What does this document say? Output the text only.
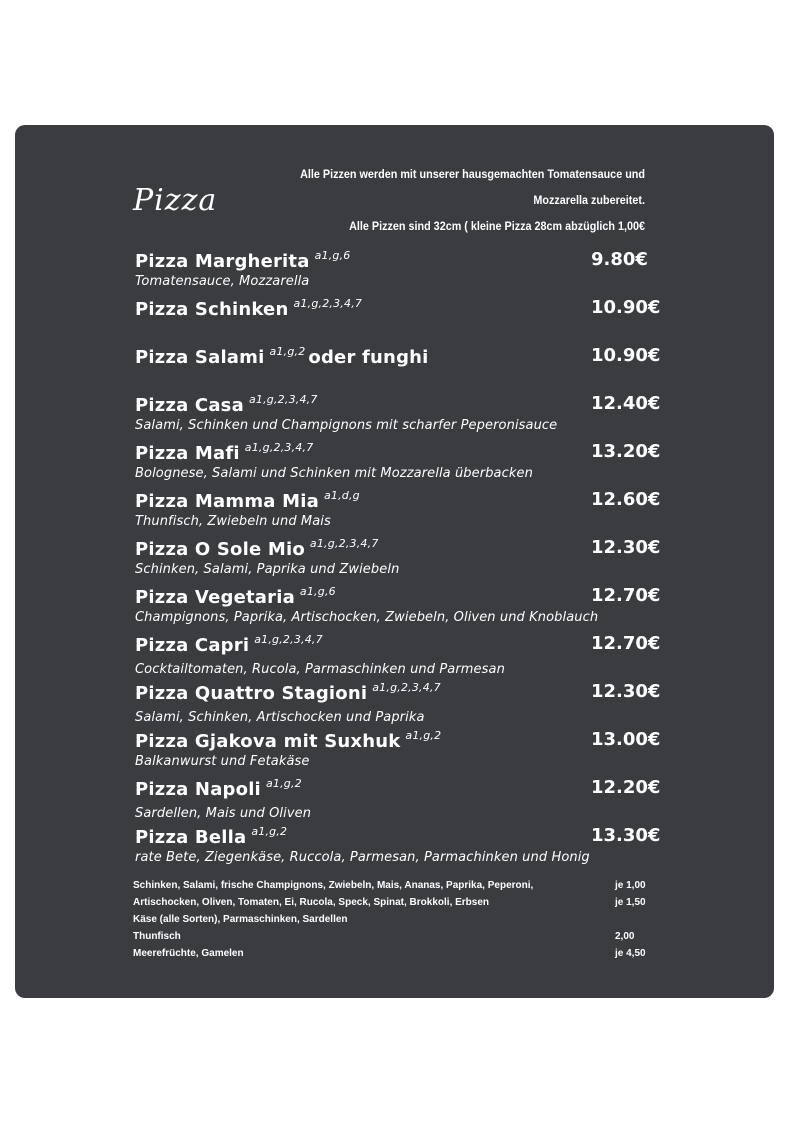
Pizza
Alle Pizzen werden mit unserer hausgemachten Tomatensauce und
Mozzarella zubereitet.
Alle Pizzen sind 32cm ( kleine Pizza 28cm abzüglich 1,00€
Pizza Margherita $^{a1,g,6}$	9.80€
Tomatensauce, Mozzarella
Pizza Schinken $^{a1,g,2,3,4,7}$	10.90€
Pizza Salami $^{a1,g,2}$ oder funghi	10.90€
Pizza Casa $^{a1,g,2,3,4,7}$	12.40€
Salami, Schinken und Champignons mit scharfer Peperonisauce
Pizza Mafi $^{a1,g,2,3,4,7}$	13.20€
Bolognese, Salami und Schinken mit Mozzarella überbacken
Pizza Mamma Mia $^{a1,d,g}$	12.60€
Thunfisch, Zwiebeln und Mais
Pizza O Sole Mio $^{a1,g,2,3,4,7}$	12.30€
Schinken, Salami, Paprika und Zwiebeln
Pizza Vegetaria $^{a1,g,6}$	12.70€
Champignons, Paprika, Artischocken, Zwiebeln, Oliven und Knoblauch
Pizza Capri $^{a1,g,2,3,4,7}$	12.70€
Cocktailtomaten, Rucola, Parmaschinken und Parmesan
Pizza Quattro Stagioni $^{a1,g,2,3,4,7}$	12.30€
Salami, Schinken, Artischocken und Paprika
Pizza Gjakova mit Suxhuk $^{a1,g,2}$	13.00€
Balkanwurst und Fetakäse
Pizza Napoli $^{a1,g,2}$	12.20€
Sardellen, Mais und Oliven
Pizza Bella $^{a1,g,2}$	13.30€
rate Bete, Ziegenkäse, Ruccola, Parmesan, Parmachinken und Honig
Schinken, Salami, frische Champignons, Zwiebeln, Mais, Ananas, Paprika, Peperoni,	je 1,00
Artischocken, Oliven, Tomaten, Ei, Rucola, Speck, Spinat, Brokkoli, Erbsen	je 1,50
Käse (alle Sorten), Parmaschinken, Sardellen
Thunfisch	2,00
Meerefrüchte, Gamelen	je 4,50
